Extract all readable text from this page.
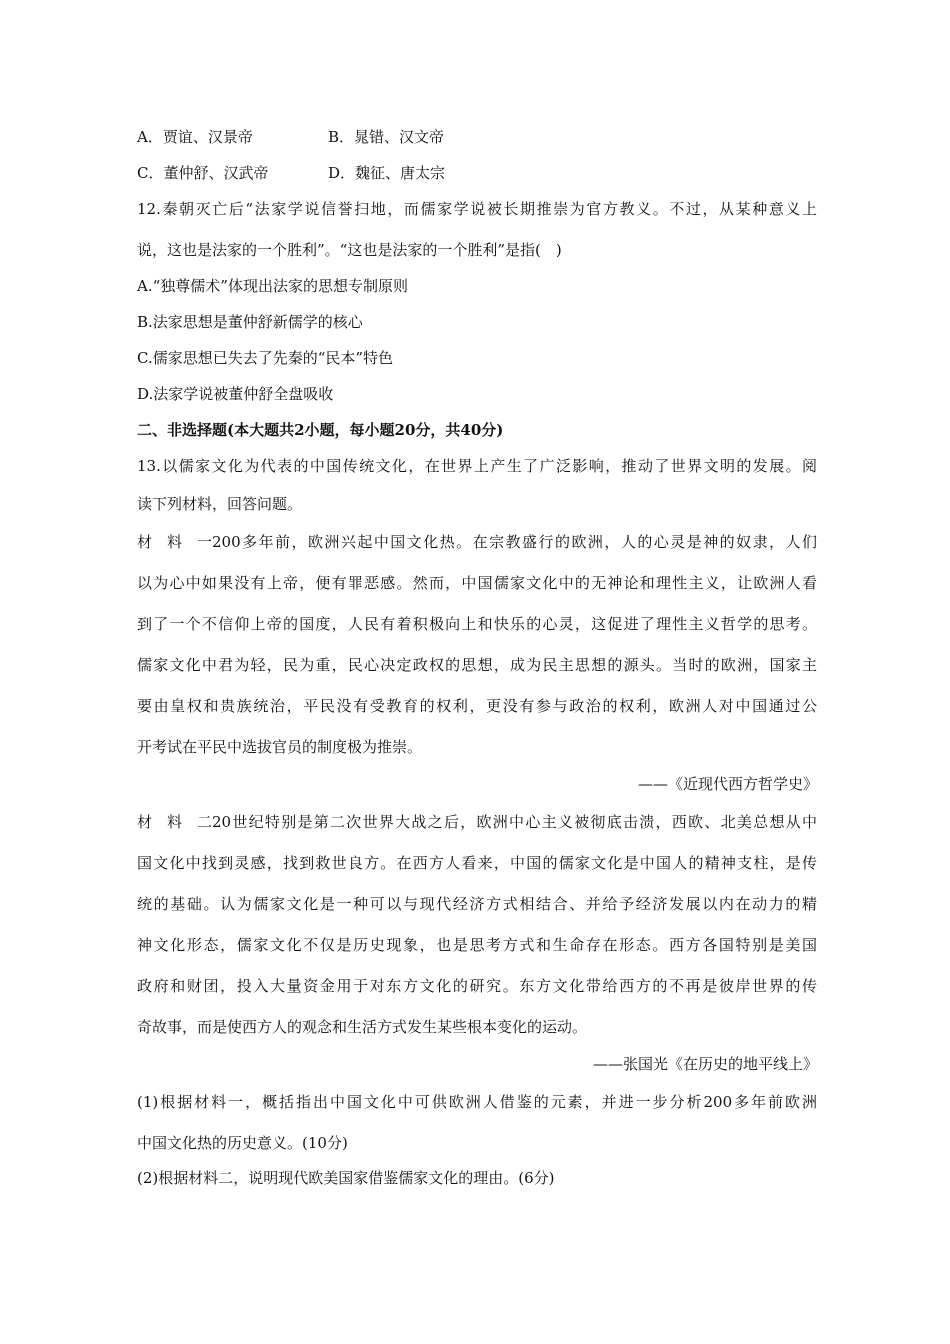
A．贾谊、汉景帝	B．晁错、汉文帝
C．董仲舒、汉武帝	D．魏征、唐太宗
12.秦朝灭亡后“法家学说信誉扫地，而儒家学说被长期推崇为官方教义。不过，从某种意义上
说，这也是法家的一个胜利”。“这也是法家的一个胜利”是指(　)
A.“独尊儒术”体现出法家的思想专制原则
B.法家思想是董仲舒新儒学的核心
C.儒家思想已失去了先秦的“民本”特色
D.法家学说被董仲舒全盘吸收
二、非选择题(本大题共2小题，每小题20分，共40分)
13.以儒家文化为代表的中国传统文化，在世界上产生了广泛影响，推动了世界文明的发展。阅
读下列材料，回答问题。
材料一200多年前，欧洲兴起中国文化热。在宗教盛行的欧洲，人的心灵是神的奴隶，人们
以为心中如果没有上帝，便有罪恶感。然而，中国儒家文化中的无神论和理性主义，让欧洲人看
到了一个不信仰上帝的国度，人民有着积极向上和快乐的心灵，这促进了理性主义哲学的思考。
儒家文化中君为轻，民为重，民心决定政权的思想，成为民主思想的源头。当时的欧洲，国家主
要由皇权和贵族统治，平民没有受教育的权利，更没有参与政治的权利，欧洲人对中国通过公
开考试在平民中选拔官员的制度极为推崇。
——《近现代西方哲学史》
材料二20世纪特别是第二次世界大战之后，欧洲中心主义被彻底击溃，西欧、北美总想从中
国文化中找到灵感，找到救世良方。在西方人看来，中国的儒家文化是中国人的精神支柱，是传
统的基础。认为儒家文化是一种可以与现代经济方式相结合、并给予经济发展以内在动力的精
神文化形态，儒家文化不仅是历史现象，也是思考方式和生命存在形态。西方各国特别是美国
政府和财团，投入大量资金用于对东方文化的研究。东方文化带给西方的不再是彼岸世界的传
奇故事，而是使西方人的观念和生活方式发生某些根本变化的运动。
——张国光《在历史的地平线上》
(1)根据材料一，概括指出中国文化中可供欧洲人借鉴的元素，并进一步分析200多年前欧洲
中国文化热的历史意义。(10分)
(2)根据材料二，说明现代欧美国家借鉴儒家文化的理由。(6分)
